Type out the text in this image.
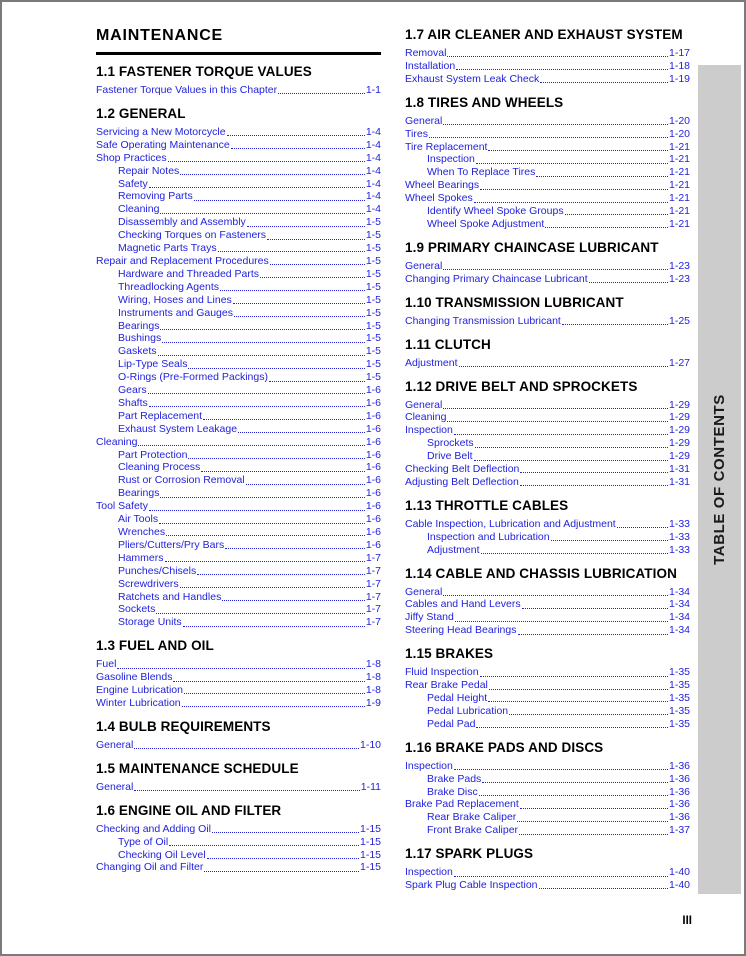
MAINTENANCE
1.1 FASTENER TORQUE VALUES
Fastener Torque Values in this Chapter	1-1
1.2 GENERAL
Servicing a New Motorcycle	1-4
Safe Operating Maintenance	1-4
Shop Practices	1-4
Repair Notes	1-4
Safety	1-4
Removing Parts	1-4
Cleaning	1-4
Disassembly and Assembly	1-5
Checking Torques on Fasteners	1-5
Magnetic Parts Trays	1-5
Repair and Replacement Procedures	1-5
Hardware and Threaded Parts	1-5
Threadlocking Agents	1-5
Wiring, Hoses and Lines	1-5
Instruments and Gauges	1-5
Bearings	1-5
Bushings	1-5
Gaskets	1-5
Lip-Type Seals	1-5
O-Rings (Pre-Formed Packings)	1-5
Gears	1-6
Shafts	1-6
Part Replacement	1-6
Exhaust System Leakage	1-6
Cleaning	1-6
Part Protection	1-6
Cleaning Process	1-6
Rust or Corrosion Removal	1-6
Bearings	1-6
Tool Safety	1-6
Air Tools	1-6
Wrenches	1-6
Pliers/Cutters/Pry Bars	1-6
Hammers	1-7
Punches/Chisels	1-7
Screwdrivers	1-7
Ratchets and Handles	1-7
Sockets	1-7
Storage Units	1-7
1.3 FUEL AND OIL
Fuel	1-8
Gasoline Blends	1-8
Engine Lubrication	1-8
Winter Lubrication	1-9
1.4 BULB REQUIREMENTS
General	1-10
1.5 MAINTENANCE SCHEDULE
General	1-11
1.6 ENGINE OIL AND FILTER
Checking and Adding Oil	1-15
Type of Oil	1-15
Checking Oil Level	1-15
Changing Oil and Filter	1-15
1.7 AIR CLEANER AND EXHAUST SYSTEM
Removal	1-17
Installation	1-18
Exhaust System Leak Check	1-19
1.8 TIRES AND WHEELS
General	1-20
Tires	1-20
Tire Replacement	1-21
Inspection	1-21
When To Replace Tires	1-21
Wheel Bearings	1-21
Wheel Spokes	1-21
Identify Wheel Spoke Groups	1-21
Wheel Spoke Adjustment	1-21
1.9 PRIMARY CHAINCASE LUBRICANT
General	1-23
Changing Primary Chaincase Lubricant	1-23
1.10 TRANSMISSION LUBRICANT
Changing Transmission Lubricant	1-25
1.11 CLUTCH
Adjustment	1-27
1.12 DRIVE BELT AND SPROCKETS
General	1-29
Cleaning	1-29
Inspection	1-29
Sprockets	1-29
Drive Belt	1-29
Checking Belt Deflection	1-31
Adjusting Belt Deflection	1-31
1.13 THROTTLE CABLES
Cable Inspection, Lubrication and Adjustment	1-33
Inspection and Lubrication	1-33
Adjustment	1-33
1.14 CABLE AND CHASSIS LUBRICATION
General	1-34
Cables and Hand Levers	1-34
Jiffy Stand	1-34
Steering Head Bearings	1-34
1.15 BRAKES
Fluid Inspection	1-35
Rear Brake Pedal	1-35
Pedal Height	1-35
Pedal Lubrication	1-35
Pedal Pad	1-35
1.16 BRAKE PADS AND DISCS
Inspection	1-36
Brake Pads	1-36
Brake Disc	1-36
Brake Pad Replacement	1-36
Rear Brake Caliper	1-36
Front Brake Caliper	1-37
1.17 SPARK PLUGS
Inspection	1-40
Spark Plug Cable Inspection	1-40
TABLE OF CONTENTS
III
